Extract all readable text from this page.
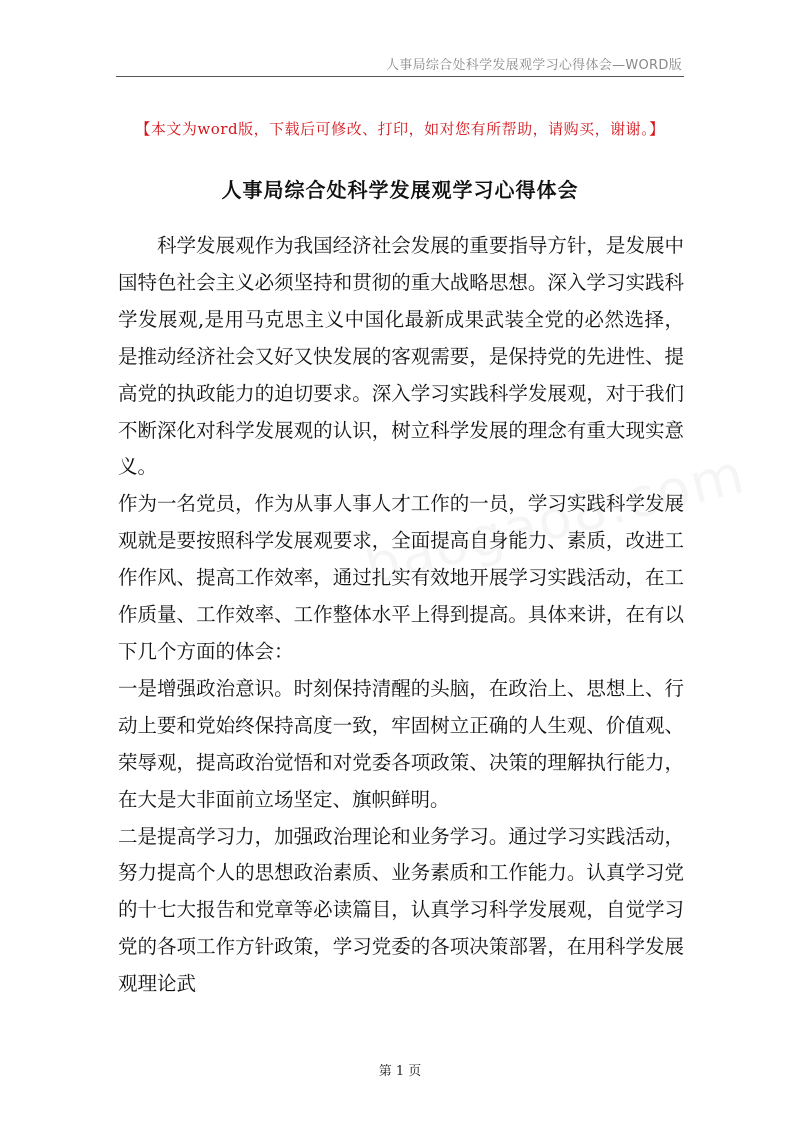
人事局综合处科学发展观学习心得体会—WORD版
【本文为word版，下载后可修改、打印，如对您有所帮助，请购买，谢谢。】
人事局综合处科学发展观学习心得体会

科学发展观作为我国经济社会发展的重要指导方针，是发展中国特色社会主义必须坚持和贯彻的重大战略思想。深入学习实践科学发展观,是用马克思主义中国化最新成果武装全党的必然选择，是推动经济社会又好又快发展的客观需要，是保持党的先进性、提高党的执政能力的迫切要求。深入学习实践科学发展观，对于我们不断深化对科学发展观的认识，树立科学发展的理念有重大现实意义。

作为一名党员，作为从事人事人才工作的一员，学习实践科学发展观就是要按照科学发展观要求，全面提高自身能力、素质，改进工作作风、提高工作效率，通过扎实有效地开展学习实践活动，在工作质量、工作效率、工作整体水平上得到提高。具体来讲，在有以下几个方面的体会：

一是增强政治意识。时刻保持清醒的头脑，在政治上、思想上、行动上要和党始终保持高度一致，牢固树立正确的人生观、价值观、荣辱观，提高政治觉悟和对党委各项政策、决策的理解执行能力，在大是大非面前立场坚定、旗帜鲜明。

二是提高学习力，加强政治理论和业务学习。通过学习实践活动，努力提高个人的思想政治素质、业务素质和工作能力。认真学习党的十七大报告和党章等必读篇目，认真学习科学发展观，自觉学习党的各项工作方针政策，学习党委的各项决策部署，在用科学发展观理论武

第 1 页
